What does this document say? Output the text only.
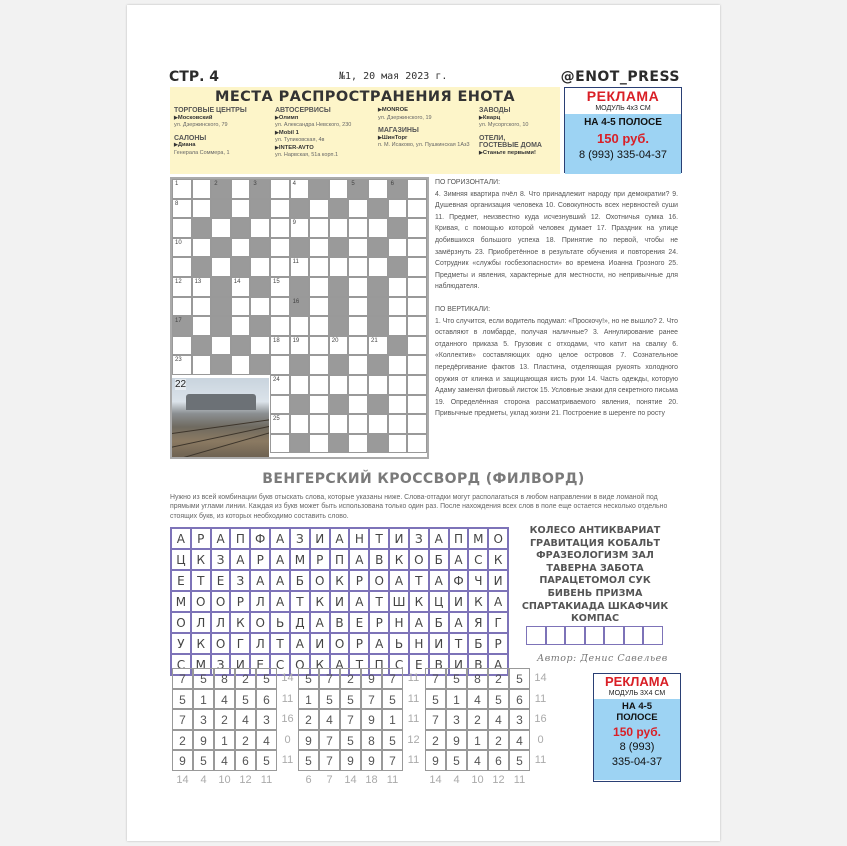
СТР. 4	№1, 20 мая 2023 г.	@ENOT_PRESS
МЕСТА РАСПРОСТРАНЕНИЯ ЕНОТА
ТОРГОВЫЕ ЦЕНТРЫ
▶ Московский
ул. Дзержинского, 79
САЛОНЫ
▶ Диана
Генерала Соммера, 1
АВТОСЕРВИСЫ
▶ Олимп
ул. Александра Невского, 230
▶ Mobil 1
ул. Тупиковская, 4в
▶ INTER-AVTO
ул. Нарвская, 51а корп.1
▶ MONROE
ул. Дзержинского, 19
МАГАЗИНЫ
▶ ШинТорг
п. М. Исаково, ул. Пушкинская 1Аз3
ЗАВОДЫ
▶ Кварц
ул. Мусоргского, 10
ОТЕЛИ,
ГОСТЕВЫЕ ДОМА
▶ Станьте первыми!
РЕКЛАМА
МОДУЛЬ 4x3 СМ
НА 4-5 ПОЛОСЕ
150 руб.
8 (993) 335-04-37
22
1	2	3	4	5	6
8
9
10
11
12	13	14	15
16
17
18	19	20	21
23
24
25
ПО ГОРИЗОНТАЛИ:
4. Зимняя квартира пчёл 8. Что принадлежит народу при демократии? 9. Душевная организация человека 10. Совокупность всех нервностей суши 11. Предмет, неизвестно куда исчезнувший 12. Охотничья сумка 16. Кривая, с помощью которой человек думает 17. Праздник на улице добившихся большого успеха 18. Принятие по первой, чтобы не замёрзнуть 23. Приобретённое в результате обучения и повторения 24. Сотрудник «службы госбезопасности» во времена Иоанна Грозного 25. Предметы и явления, характерные для местности, но непривычные для наблюдателя.
ПО ВЕРТИКАЛИ:
1. Что случится, если водитель подумал: «Проскочу!», но не вышло? 2. Что оставляют в ломбарде, получая наличные? 3. Аннулирование ранее отданного приказа 5. Грузовик с отходами, что катит на свалку 6. «Коллектив» составляющих одно целое островов 7. Сознательное передёргивание фактов 13. Пластина, отделяющая рукоять холодного оружия от клинка и защищающая кисть руки 14. Часть одежды, которую Адаму заменял фиговый листок 15. Условные знаки для секретного письма 19. Определённая сторона рассматриваемого явления, понятие 20. Привычные предметы, уклад жизни 21. Построение в шеренге по росту
ВЕНГЕРСКИЙ КРОССВОРД (ФИЛВОРД)
Нужно из всей комбинации букв отыскать слова, которые указаны ниже. Слова-отгадки могут располагаться в любом направлении в виде ломаной под прямыми углами линии. Каждая из букв может быть использована только один раз. После нахождения всех слов в поле еще остается несколько отдельно стоящих букв, из которых необходимо составить слово.
А	Р	А П Ф А З И А Н Т И З А П М О
Ц К З А	Р	А М Р П А В К О Б А С К
Е	Т	Е	З А А Б О К Р О А	Т	А Ф Ч И
М О О Р Л А	Т К И А	Т Ш К Ц И К А
О Л Л К О Ь Д А В Е	Р Н А Б А Я	Г
У К О Г Л Т	А И О Р	А Ь Н И Т	Б	Р
С М З И Е С О К А	Т П С Е В И В А
КОЛЕСО АНТИКВАРИАТ
ГРАВИТАЦИЯ КОБАЛЬТ
ФРАЗЕОЛОГИЗМ ЗАЛ
ТАВЕРНА ЗАБОТА
ПАРАЦЕТОМОЛ СУК
БИВЕНЬ ПРИЗМА
СПАРТАКИАДА ШКАФЧИК
КОМПАС
Автор: Денис Савельев
7	5	8	2	5	14
5	1	4	5	6	11
7	3	2	4	3	16
2	9	1	2	4	0
9	5	4	6	5	11
14	4	10 12 11
5	7	2	9	7	11
1	5	5	7	5	11
2	4	7	9	1	11
9	7	5	8	5	12
5	7	9	9	7	11
6	7	14 18 11
7	5	8	2	5	14
5	1	4	5	6	11
7	3	2	4	3	16
2	9	1	2	4	0
9	5	4	6	5	11
14	4	10 12 11
РЕКЛАМА
МОДУЛЬ 3X4 СМ
НА 4-5
ПОЛОСЕ
150 руб.
8 (993)
335-04-37
